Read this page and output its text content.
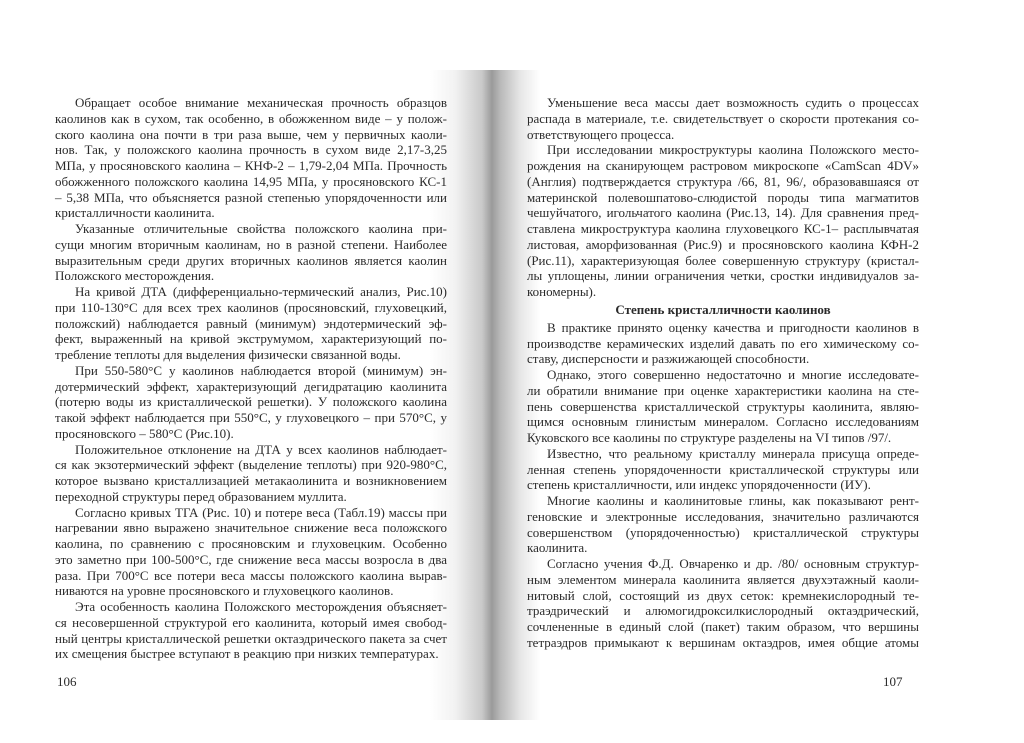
Обращает особое внимание механическая прочность образцов
каолинов как в сухом, так особенно, в обожженном виде – у полож-
ского каолина она почти в три раза выше, чем у первичных каоли-
нов. Так, у положского каолина прочность в сухом виде 2,17-3,25
МПа, у просяновского каолина – КНФ-2 – 1,79-2,04 МПа. Прочность
обожженного положского каолина 14,95 МПа, у просяновского КС-1
– 5,38 МПа, что объясняется разной степенью упорядоченности или
кристалличности каолинита.
Указанные отличительные свойства положского каолина при-
сущи многим вторичным каолинам, но в разной степени. Наиболее
выразительным среди других вторичных каолинов является каолин
Положского месторождения.
На кривой ДТА (дифференциально-термический анализ, Рис.10)
при 110-130°С для всех трех каолинов (просяновский, глуховецкий,
положский) наблюдается равный (минимум) эндотермический эф-
фект, выраженный на кривой экструмумом, характеризующий по-
требление теплоты для выделения физически связанной воды.
При 550-580°С у каолинов наблюдается второй (минимум) эн-
дотермический эффект, характеризующий дегидратацию каолинита
(потерю воды из кристаллической решетки). У положского каолина
такой эффект наблюдается при 550°С, у глуховецкого – при 570°С, у
просяновского – 580°С (Рис.10).
Положительное отклонение на ДТА у всех каолинов наблюдает-
ся как экзотермический эффект (выделение теплоты) при 920-980°С,
которое вызвано кристаллизацией метакаолинита и возникновением
переходной структуры перед образованием муллита.
Согласно кривых ТГА (Рис. 10) и потере веса (Табл.19) массы при
нагревании явно выражено значительное снижение веса положского
каолина, по сравнению с просяновским и глуховецким. Особенно
это заметно при 100-500°С, где снижение веса массы возросла в два
раза. При 700°С все потери веса массы положского каолина вырав-
ниваются на уровне просяновского и глуховецкого каолинов.
Эта особенность каолина Положского месторождения объясняет-
ся несовершенной структурой его каолинита, который имея свобод-
ный центры кристаллической решетки октаэдрического пакета за счет
их смещения быстрее вступают в реакцию при низких температурах.
Уменьшение веса массы дает возможность судить о процессах
распада в материале, т.е. свидетельствует о скорости протекания со-
ответствующего процесса.
При исследовании микроструктуры каолина Положского место-
рождения на сканирующем растровом микроскопе «CamScan 4DV»
(Англия) подтверждается структура /66, 81, 96/, образовавшаяся от
материнской полевошпатово-слюдистой породы типа магматитов
чешуйчатого, игольчатого каолина (Рис.13, 14). Для сравнения пред-
ставлена микроструктура каолина глуховецкого КС-1– расплывчатая
листовая, аморфизованная (Рис.9) и просяновского каолина КФН-2
(Рис.11), характеризующая более совершенную структуру (кристал-
лы уплощены, линии ограничения четки, сростки индивидуалов за-
кономерны).
Степень кристалличности каолинов
В практике принято оценку качества и пригодности каолинов в
производстве керамических изделий давать по его химическому со-
ставу, дисперсности и разжижающей способности.
Однако, этого совершенно недостаточно и многие исследовате-
ли обратили внимание при оценке характеристики каолина на сте-
пень совершенства кристаллической структуры каолинита, являю-
щимся основным глинистым минералом. Согласно исследованиям
Куковского все каолины по структуре разделены на VI типов /97/.
Известно, что реальному кристаллу минерала присуща опреде-
ленная степень упорядоченности кристаллической структуры или
степень кристалличности, или индекс упорядоченности (ИУ).
Многие каолины и каолинитовые глины, как показывают рент-
геновские и электронные исследования, значительно различаются
совершенством (упорядоченностью) кристаллической структуры
каолинита.
Согласно учения Ф.Д. Овчаренко и др. /80/ основным структур-
ным элементом минерала каолинита является двухэтажный каоли-
нитовый слой, состоящий из двух сеток: кремнекислородный те-
траэдрический и алюмогидроксилкислородный октаэдрический,
сочлененные в единый слой (пакет) таким образом, что вершины
тетраэдров примыкают к вершинам октаэдров, имея общие атомы
106	107
